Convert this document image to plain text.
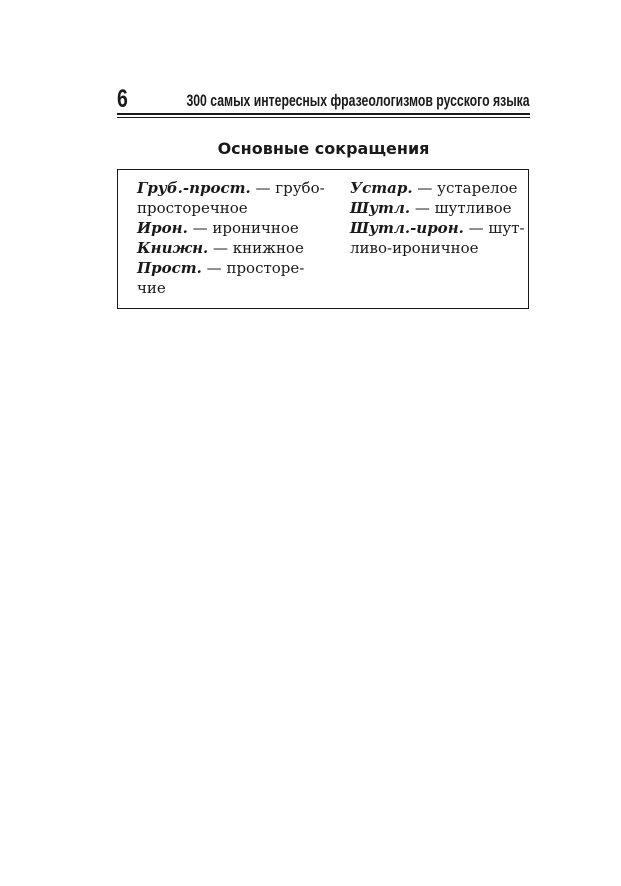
6	300 самых интересных фразеологизмов русского языка
Основные сокращения
Груб.-прост. — грубо-
просторечное
Ирон. — ироничное
Книжн. — книжное
Прост. — просторе-
чие
Устар. — устарелое
Шутл. — шутливое
Шутл.-ирон. — шут-
ливо-ироничное
